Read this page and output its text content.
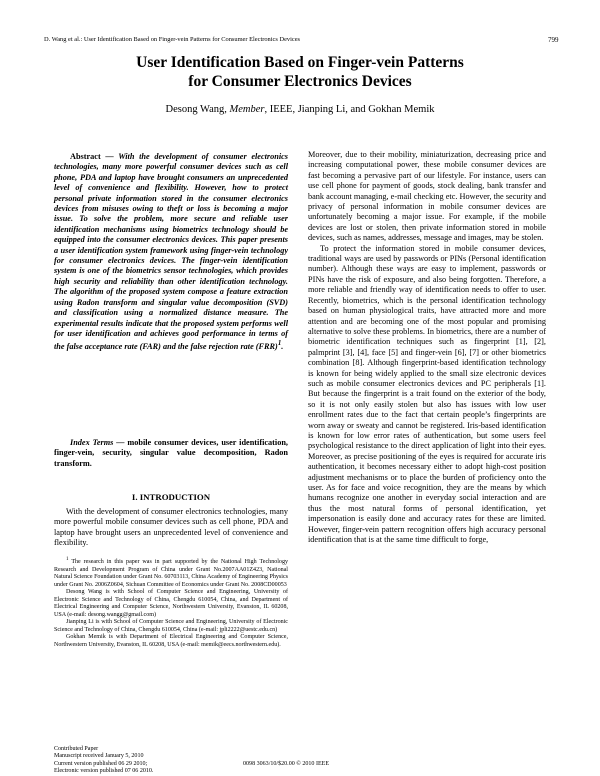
D. Wang et al.: User Identification Based on Finger-vein Patterns for Consumer Electronics Devices	799
User Identification Based on Finger-vein Patterns
for Consumer Electronics Devices
Desong Wang, Member, IEEE, Jianping Li, and Gokhan Memik
Abstract — With the development of consumer electronics technologies, many more powerful consumer devices such as cell phone, PDA and laptop have brought consumers an unprecedented level of convenience and flexibility. However, how to protect personal private information stored in the consumer electronics devices from misuses owing to theft or loss is becoming a major issue. To solve the problem, more secure and reliable user identification mechanisms using biometrics technology should be equipped into the consumer electronics devices. This paper presents a user identification system framework using finger-vein technology for consumer electronics devices. The finger-vein identification system is one of the biometrics sensor technologies, which provides high security and reliability than other identification technology. The algorithm of the proposed system compose a feature extraction using Radon transform and singular value decomposition (SVD) and classification using a normalized distance measure. The experimental results indicate that the proposed system performs well for user identification and achieves good performance in terms of the false acceptance rate (FAR) and the false rejection rate (FRR)$^1$.
Index Terms — mobile consumer devices, user identification, finger-vein, security, singular value decomposition, Radon transform.
I. INTRODUCTION
With the development of consumer electronics technologies, many more powerful mobile consumer devices such as cell phone, PDA and laptop have brought users an unprecedented level of convenience and flexibility.

$^1$ The research in this paper was in part supported by the National High Technology Research and Development Program of China under Grant No.2007AA01Z423, National Natural Science Foundation under Grant No. 60703113, China Academy of Engineering Physics under Grant No. 2006Z0604, Sichuan Committee of Economics under Grant No. 2008CD00053

Desong Wang is with School of Computer Science and Engineering, University of Electronic Science and Technology of China, Chengdu 610054, China, and Department of Electrical Engineering and Computer Science, Northwestern University, Evanston, IL 60208, USA (e-mail: desong.wangg@gmail.com)

Jianping Li is with School of Computer Science and Engineering, University of Electronic Science and Technology of China, Chengdu 610054, China (e-mail: jpli2222@uestc.edu.cn)

Gokhan Memik is with Department of Electrical Engineering and Computer Science, Northwestern University, Evanston, IL 60208, USA (e-mail: memik@eecs.northwestern.edu).

Contributed Paper
Manuscript received January 5, 2010
Current version published 06 29 2010;
Electronic version published 07 06 2010.
0098 3063/10/$20.00 © 2010 IEEE

Moreover, due to their mobility, miniaturization, decreasing price and increasing computational power, these mobile consumer devices are fast becoming a pervasive part of our lifestyle. For instance, users can use cell phone for payment of goods, stock dealing, bank transfer and bank account managing, e-mail checking etc. However, the security and privacy of personal information in mobile consumer devices are unfortunately becoming a major issue. For example, if the mobile devices are lost or stolen, then private information stored in mobile devices, such as names, addresses, message and images, may be stolen.

To protect the information stored in mobile consumer devices, traditional ways are used by passwords or PINs (Personal identification number). Although these ways are easy to implement, passwords or PINs have the risk of exposure, and also being forgotten. Therefore, a more reliable and friendly way of identification needs to offer to user. Recently, biometrics, which is the personal identification technology based on human physiological traits, have attracted more and more attention and are becoming one of the most popular and promising alternative to solve these problems. In biometrics, there are a number of biometric identification techniques such as fingerprint [1], [2], palmprint [3], [4], face [5] and finger-vein [6], [7] or other biometrics combination [8]. Although fingerprint-based identification technology is known for being widely applied to the small size electronic devices such as mobile consumer electronics devices and PC peripherals [1]. But because the fingerprint is a trait found on the exterior of the body, so it is not only easily stolen but also has issues with low user enrollment rates due to the fact that certain people’s fingerprints are worn away or sweaty and cannot be registered. Iris-based identification is known for low error rates of authentication, but some users feel psychological resistance to the direct application of light into their eyes. Moreover, as precise positioning of the eyes is required for accurate iris authentication, it becomes necessary either to adopt high-cost position adjustment mechanisms or to place the burden of proficiency onto the user. As for face and voice recognition, they are the means by which humans recognize one another in everyday social interaction and are thus the most natural forms of personal identification, yet impersonation is easily done and accuracy rates for these are limited. However, finger-vein pattern recognition offers high accuracy personal identification that is at the same time difficult to forge,
